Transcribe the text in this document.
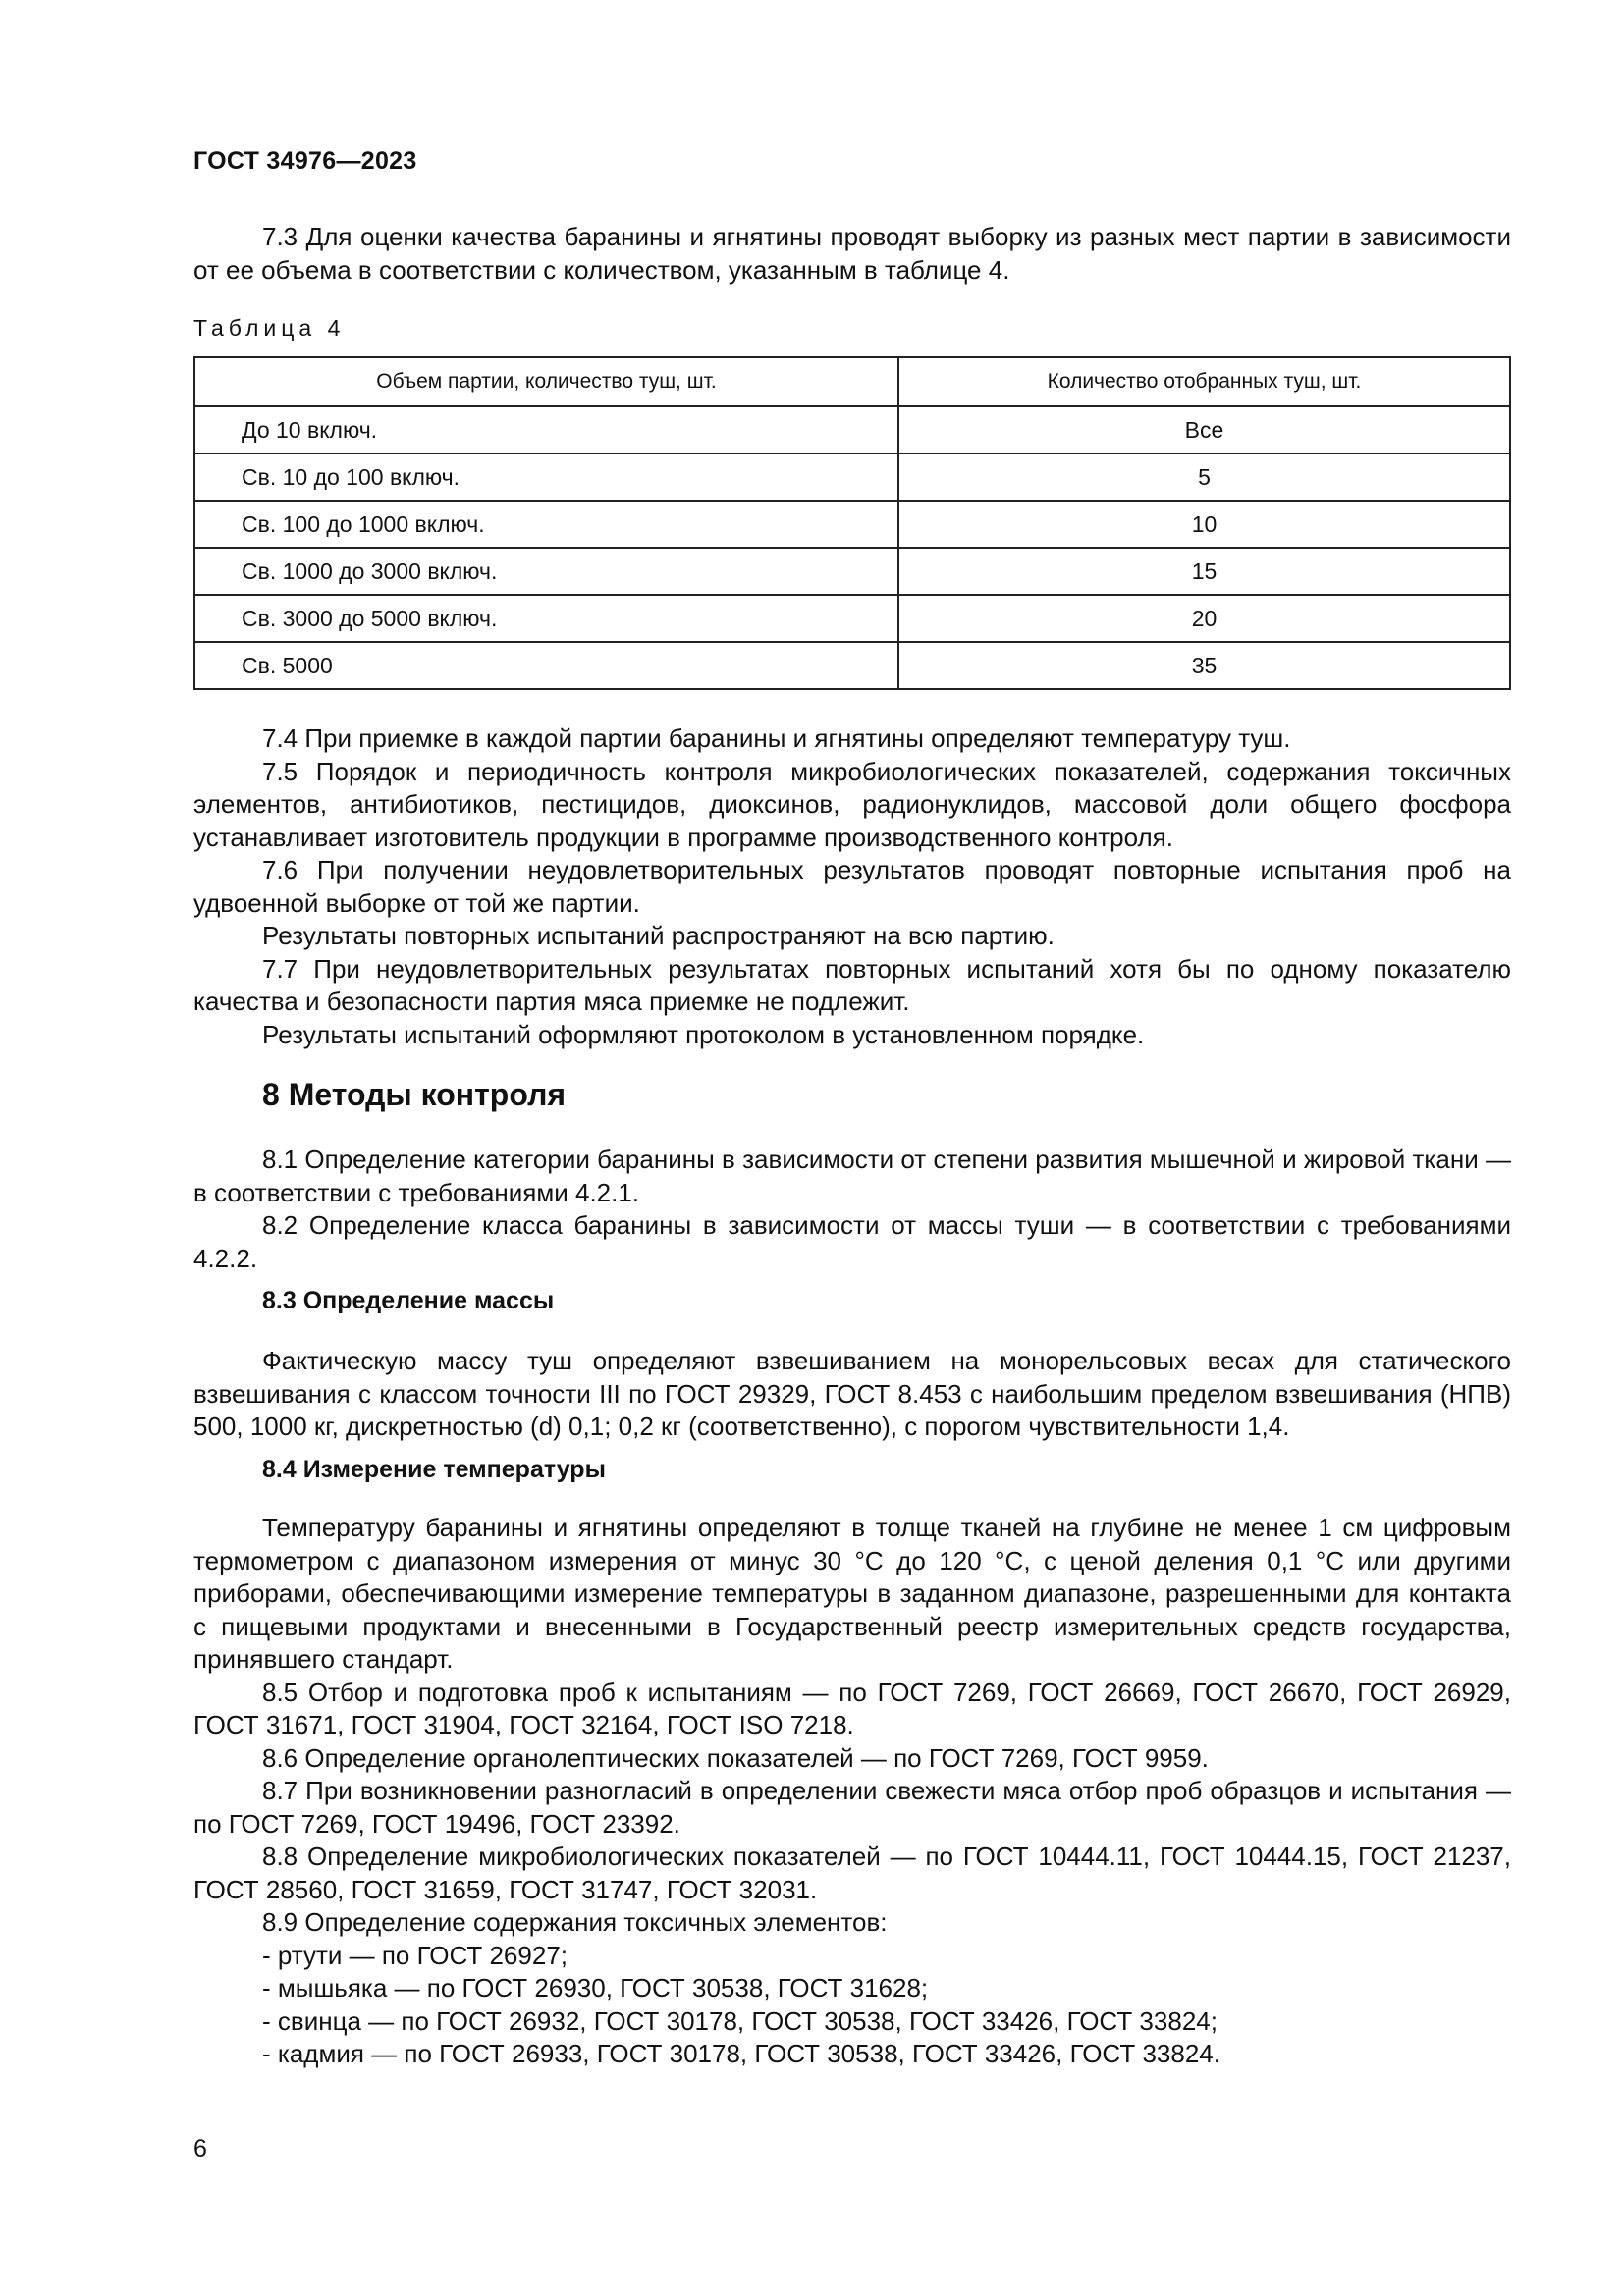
ГОСТ 34976—2023

7.3 Для оценки качества баранины и ягнятины проводят выборку из разных мест партии в зависимости от ее объема в соответствии с количеством, указанным в таблице 4.

Таблица 4
Объем партии, количество туш, шт.	Количество отобранных туш, шт.
До 10 включ.	Все
Св. 10 до 100 включ.	5
Св. 100 до 1000 включ.	10
Св. 1000 до 3000 включ.	15
Св. 3000 до 5000 включ.	20
Св. 5000	35

7.4 При приемке в каждой партии баранины и ягнятины определяют температуру туш.

7.5 Порядок и периодичность контроля микробиологических показателей, содержания токсичных элементов, антибиотиков, пестицидов, диоксинов, радионуклидов, массовой доли общего фосфора устанавливает изготовитель продукции в программе производственного контроля.

7.6 При получении неудовлетворительных результатов проводят повторные испытания проб на удвоенной выборке от той же партии.

Результаты повторных испытаний распространяют на всю партию.

7.7 При неудовлетворительных результатах повторных испытаний хотя бы по одному показателю качества и безопасности партия мяса приемке не подлежит.

Результаты испытаний оформляют протоколом в установленном порядке.

8 Методы контроля

8.1 Определение категории баранины в зависимости от степени развития мышечной и жировой ткани — в соответствии с требованиями 4.2.1.

8.2 Определение класса баранины в зависимости от массы туши — в соответствии с требованиями 4.2.2.

8.3 Определение массы

Фактическую массу туш определяют взвешиванием на монорельсовых весах для статического взвешивания с классом точности III по ГОСТ 29329, ГОСТ 8.453 с наибольшим пределом взвешивания (НПВ) 500, 1000 кг, дискретностью (d) 0,1; 0,2 кг (соответственно), с порогом чувствительности 1,4.

8.4 Измерение температуры

Температуру баранины и ягнятины определяют в толще тканей на глубине не менее 1 см цифровым термометром с диапазоном измерения от минус 30 °С до 120 °С, с ценой деления 0,1 °С или другими приборами, обеспечивающими измерение температуры в заданном диапазоне, разрешенными для контакта с пищевыми продуктами и внесенными в Государственный реестр измерительных средств государства, принявшего стандарт.

8.5 Отбор и подготовка проб к испытаниям — по ГОСТ 7269, ГОСТ 26669, ГОСТ 26670, ГОСТ 26929, ГОСТ 31671, ГОСТ 31904, ГОСТ 32164, ГОСТ ISO 7218.

8.6 Определение органолептических показателей — по ГОСТ 7269, ГОСТ 9959.

8.7 При возникновении разногласий в определении свежести мяса отбор проб образцов и испытания — по ГОСТ 7269, ГОСТ 19496, ГОСТ 23392.

8.8 Определение микробиологических показателей — по ГОСТ 10444.11, ГОСТ 10444.15, ГОСТ 21237, ГОСТ 28560, ГОСТ 31659, ГОСТ 31747, ГОСТ 32031.

8.9 Определение содержания токсичных элементов:

- ртути — по ГОСТ 26927;

- мышьяка — по ГОСТ 26930, ГОСТ 30538, ГОСТ 31628;

- свинца — по ГОСТ 26932, ГОСТ 30178, ГОСТ 30538, ГОСТ 33426, ГОСТ 33824;

- кадмия — по ГОСТ 26933, ГОСТ 30178, ГОСТ 30538, ГОСТ 33426, ГОСТ 33824.

6
